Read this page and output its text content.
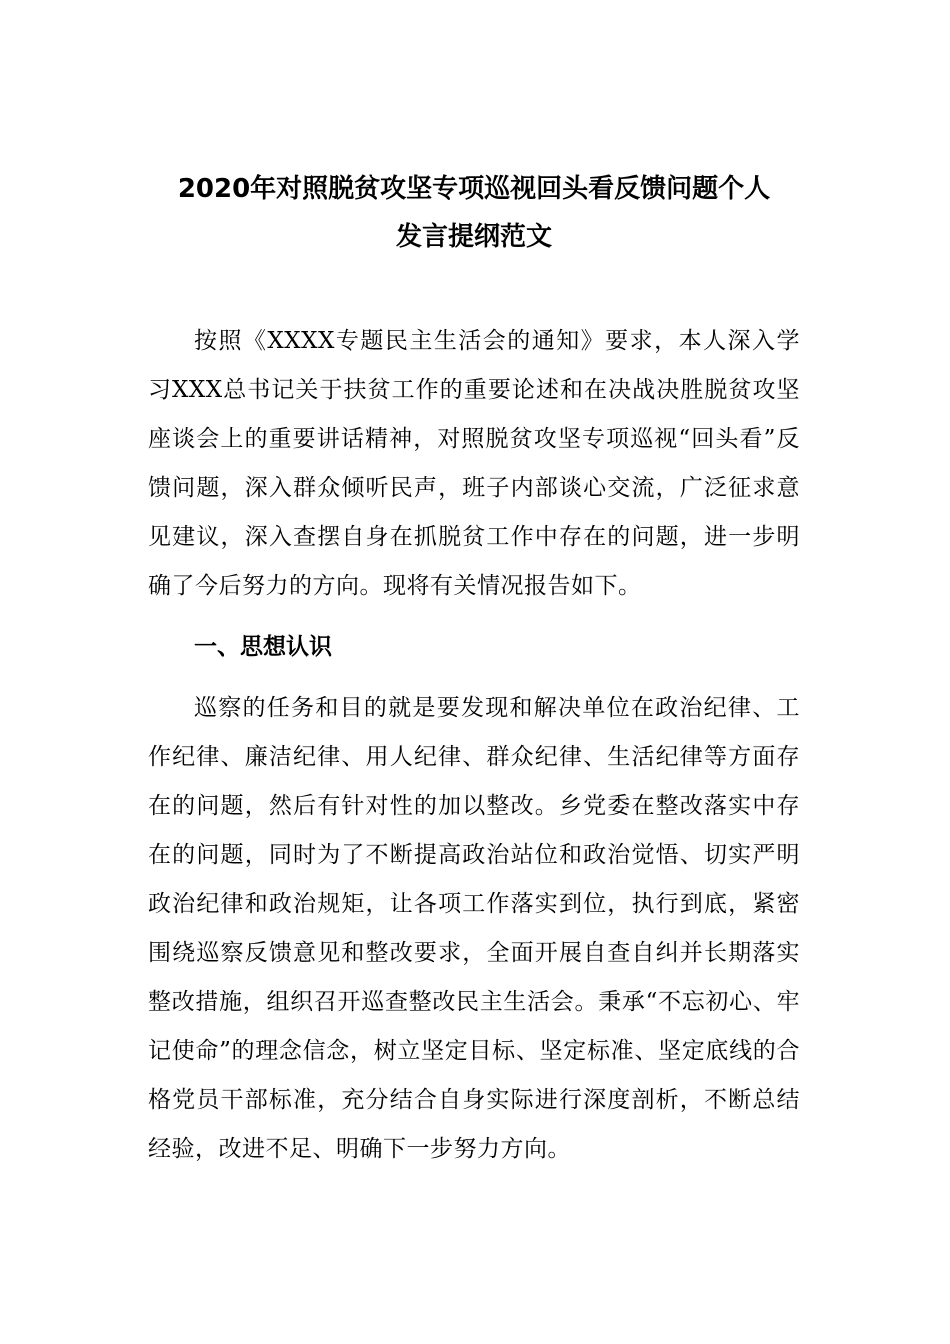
2020年对照脱贫攻坚专项巡视回头看反馈问题个人
发言提纲范文

按照《XXXX专题民主生活会的通知》要求，本人深入学习XXX总书记关于扶贫工作的重要论述和在决战决胜脱贫攻坚座谈会上的重要讲话精神，对照脱贫攻坚专项巡视“回头看”反馈问题，深入群众倾听民声，班子内部谈心交流，广泛征求意见建议，深入查摆自身在抓脱贫工作中存在的问题，进一步明确了今后努力的方向。现将有关情况报告如下。

一、思想认识

巡察的任务和目的就是要发现和解决单位在政治纪律、工作纪律、廉洁纪律、用人纪律、群众纪律、生活纪律等方面存在的问题，然后有针对性的加以整改。乡党委在整改落实中存在的问题，同时为了不断提高政治站位和政治觉悟、切实严明政治纪律和政治规矩，让各项工作落实到位，执行到底，紧密围绕巡察反馈意见和整改要求，全面开展自查自纠并长期落实整改措施，组织召开巡查整改民主生活会。秉承“不忘初心、牢记使命”的理念信念，树立坚定目标、坚定标准、坚定底线的合格党员干部标准，充分结合自身实际进行深度剖析，不断总结经验，改进不足、明确下一步努力方向。
